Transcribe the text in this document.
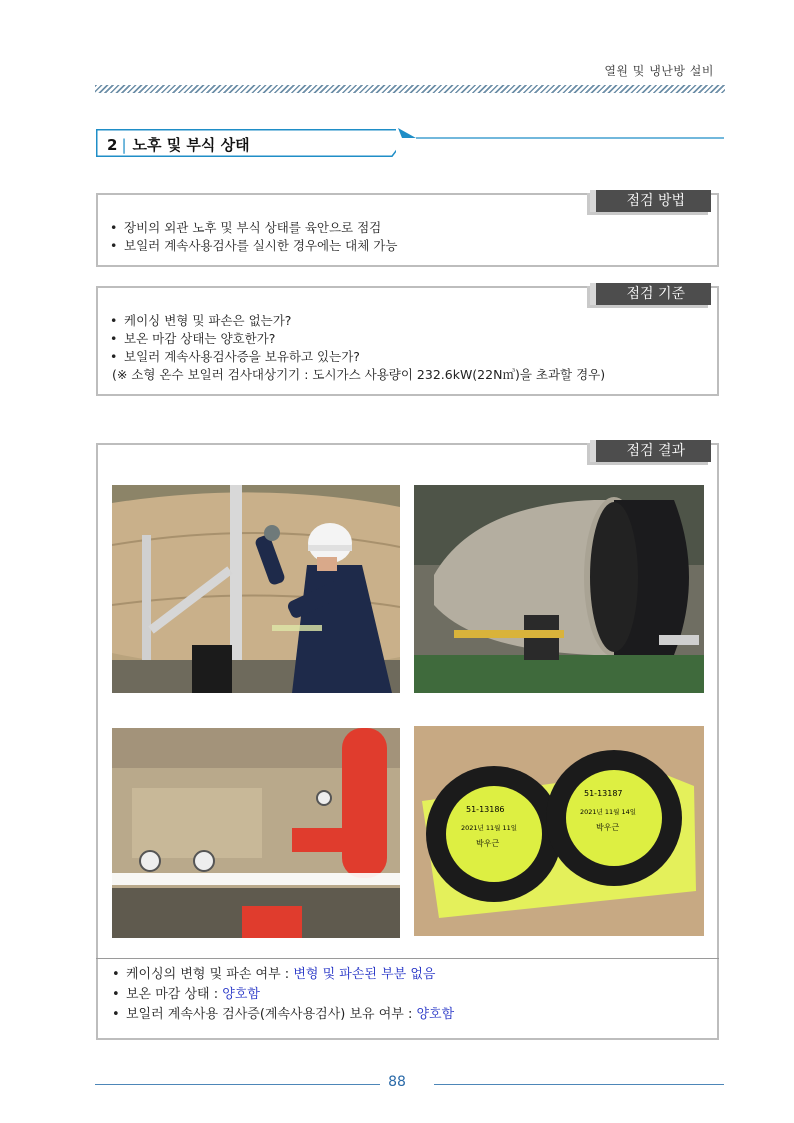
열원 및 냉난방 설비
2 | 노후 및 부식 상태
점검 방법
• 장비의 외관 노후 및 부식 상태를 육안으로 점검
• 보일러 계속사용검사를 실시한 경우에는 대체 가능
점검 기준
• 케이싱 변형 및 파손은 없는가?
• 보온 마감 상태는 양호한가?
• 보일러 계속사용검사증을 보유하고 있는가?
(※ 소형 온수 보일러 검사대상기기 : 도시가스 사용량이 232.6kW(22N㎥)을 초과할 경우)
점검 결과
51-13186
2021년 11월 11일
박우근
51-13187
2021년 11월 14일
박우근
• 케이싱의 변형 및 파손 여부 : 변형 및 파손된 부분 없음
• 보온 마감 상태 : 양호함
• 보일러 계속사용 검사증(계속사용검사) 보유 여부 : 양호함
88
